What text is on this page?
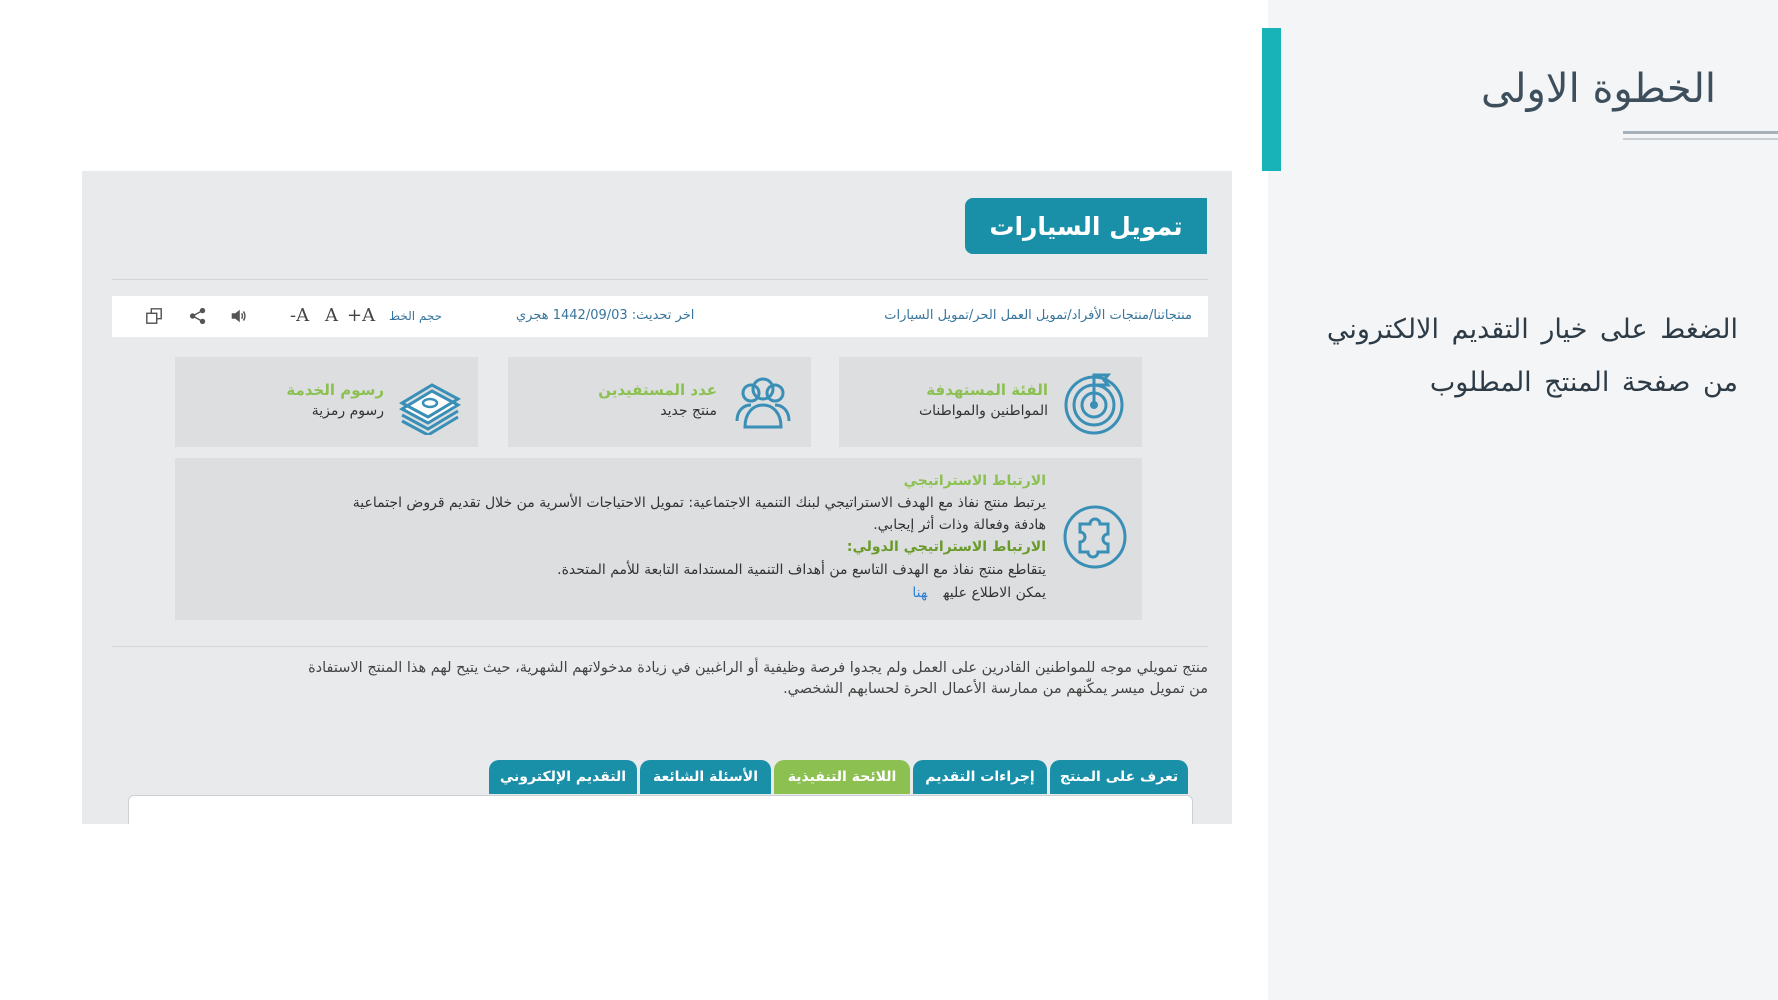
الخطوة الاولى
الضغط على خيار التقديم الالكتروني
من صفحة المنتج المطلوب
تمويل السيارات
منتجاتنا/منتجات الأفراد/تمويل العمل الحر/تمويل السيارات
اخر تحديث: 1442/09/03 هجري
حجم الخط
+A
A
-A
الفئة المستهدفة
المواطنين والمواطنات
عدد المستفيدين
منتج جديد
رسوم الخدمة
رسوم رمزية
الارتباط الاستراتيجي
يرتبط منتج نفاذ مع الهدف الاستراتيجي لبنك التنمية الاجتماعية: تمويل الاحتياجات الأسرية من خلال تقديم قروض اجتماعية
هادفة وفعالة وذات أثر إيجابي.
الارتباط الاستراتيجي الدولي:
يتقاطع منتج نفاذ مع الهدف التاسع من أهداف التنمية المستدامة التابعة للأمم المتحدة.
يمكن الاطلاع عليههنا
منتج تمويلي موجه للمواطنين القادرين على العمل ولم يجدوا فرصة وظيفية أو الراغبين في زيادة مدخولاتهم الشهرية، حيث يتيح لهم هذا المنتج الاستفادة
من تمويل ميسر يمكّنهم من ممارسة الأعمال الحرة لحسابهم الشخصي.
تعرف على المنتج
إجراءات التقديم
اللائحة التنفيذية
الأسئلة الشائعة
التقديم الإلكتروني
